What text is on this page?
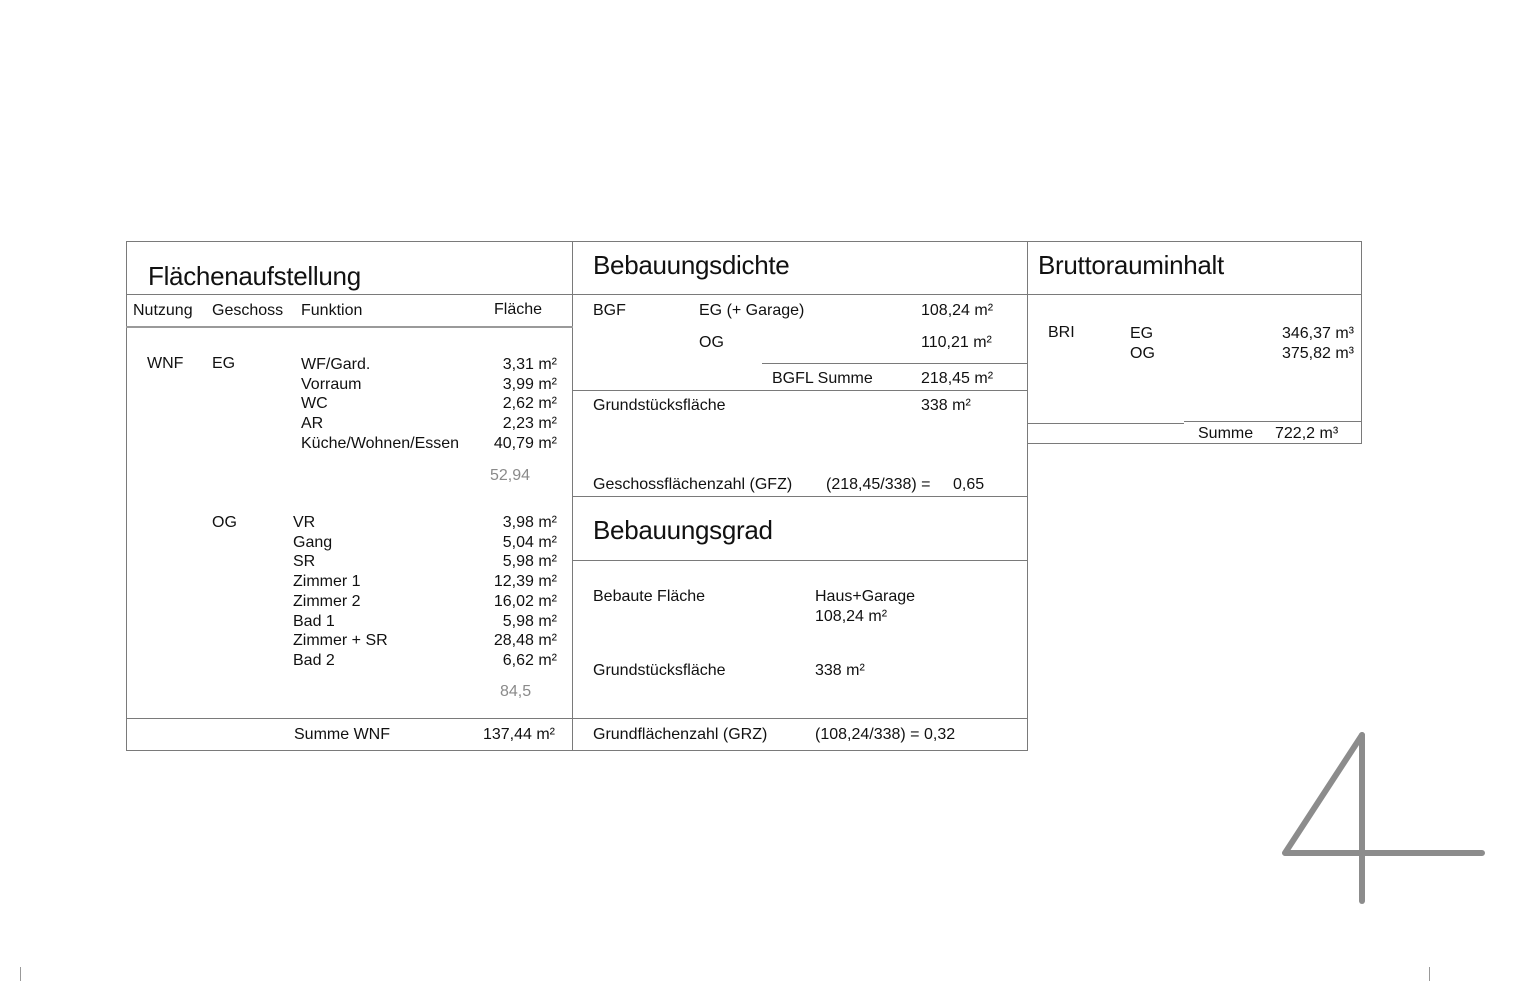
Flächenaufstellung
Nutzung Geschoss Funktion	Fläche
WNF EG	WF/Gard.	3,31 m²
Vorraum	3,99 m²
WC	2,62 m²
AR	2,23 m²
Küche/Wohnen/Essen	40,79 m²
52,94
OG	VR	3,98 m²
Gang	5,04 m²
SR	5,98 m²
Zimmer 1	12,39 m²
Zimmer 2	16,02 m²
Bad 1	5,98 m²
Zimmer + SR	28,48 m²
Bad 2	6,62 m²
84,5
Summe WNF	137,44 m²
Bebauungsdichte
BGF	EG (+ Garage)	108,24 m²
OG	110,21 m²
BGFL Summe	218,45 m²
Grundstücksfläche	338 m²
Geschossflächenzahl (GFZ) (218,45/338) = 0,65
Bebauungsgrad
Bebaute Fläche	Haus+Garage
108,24 m²
Grundstücksfläche	338 m²
Grundflächenzahl (GRZ)	(108,24/338) = 0,32
Bruttorauminhalt
BRI	EG	346,37 m³
OG	375,82 m³
Summe 722,2 m³
